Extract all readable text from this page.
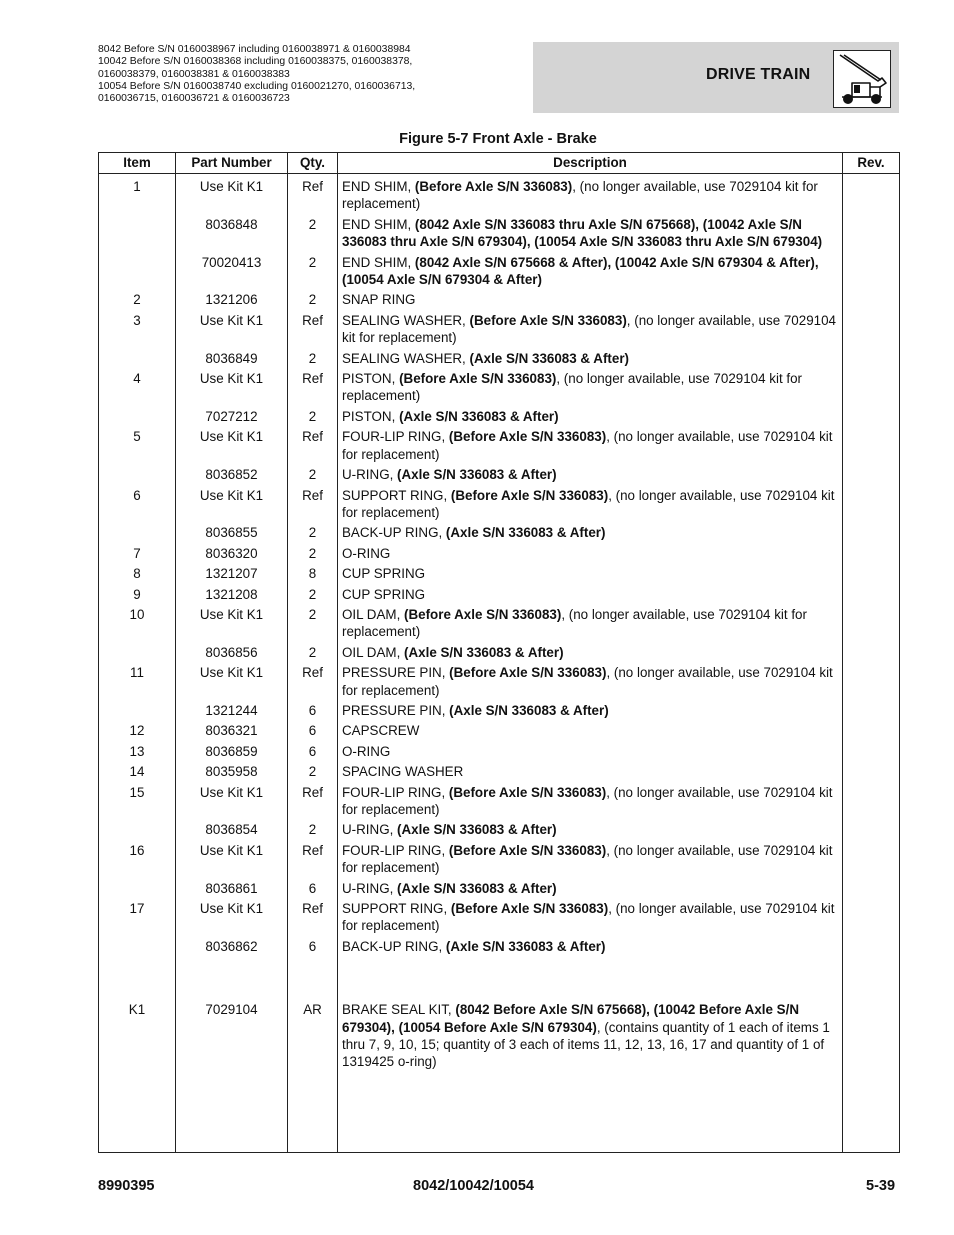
8042 Before S/N 0160038967 including 0160038971 & 0160038984
10042 Before S/N 0160038368 including 0160038375, 0160038378,
0160038379, 0160038381 & 0160038383
10054 Before S/N 0160038740 excluding 0160021270, 0160036713,
0160036715, 0160036721 & 0160036723
DRIVE TRAIN
Figure 5-7 Front Axle - Brake
Item	Part Number	Qty.	Description	Rev.
1	Use Kit K1	Ref	END SHIM, (Before Axle S/N 336083), (no longer available, use 7029104 kit for replacement)	
	8036848	2	END SHIM, (8042 Axle S/N 336083 thru Axle S/N 675668), (10042 Axle S/N 336083 thru Axle S/N 679304), (10054 Axle S/N 336083 thru Axle S/N 679304)	
	70020413	2	END SHIM, (8042 Axle S/N 675668 & After), (10042 Axle S/N 679304 & After), (10054 Axle S/N 679304 & After)	
2	1321206	2	SNAP RING	
3	Use Kit K1	Ref	SEALING WASHER, (Before Axle S/N 336083), (no longer available, use 7029104 kit for replacement)	
	8036849	2	SEALING WASHER, (Axle S/N 336083 & After)	
4	Use Kit K1	Ref	PISTON, (Before Axle S/N 336083), (no longer available, use 7029104 kit for replacement)	
	7027212	2	PISTON, (Axle S/N 336083 & After)	
5	Use Kit K1	Ref	FOUR-LIP RING, (Before Axle S/N 336083), (no longer available, use 7029104 kit for replacement)	
	8036852	2	U-RING, (Axle S/N 336083 & After)	
6	Use Kit K1	Ref	SUPPORT RING, (Before Axle S/N 336083), (no longer available, use 7029104 kit for replacement)	
	8036855	2	BACK-UP RING, (Axle S/N 336083 & After)	
7	8036320	2	O-RING	
8	1321207	8	CUP SPRING	
9	1321208	2	CUP SPRING	
10	Use Kit K1	2	OIL DAM, (Before Axle S/N 336083), (no longer available, use 7029104 kit for replacement)	
	8036856	2	OIL DAM, (Axle S/N 336083 & After)	
11	Use Kit K1	Ref	PRESSURE PIN, (Before Axle S/N 336083), (no longer available, use 7029104 kit for replacement)	
	1321244	6	PRESSURE PIN, (Axle S/N 336083 & After)	
12	8036321	6	CAPSCREW	
13	8036859	6	O-RING	
14	8035958	2	SPACING WASHER	
15	Use Kit K1	Ref	FOUR-LIP RING, (Before Axle S/N 336083), (no longer available, use 7029104 kit for replacement)	
	8036854	2	U-RING, (Axle S/N 336083 & After)	
16	Use Kit K1	Ref	FOUR-LIP RING, (Before Axle S/N 336083), (no longer available, use 7029104 kit for replacement)	
	8036861	6	U-RING, (Axle S/N 336083 & After)	
17	Use Kit K1	Ref	SUPPORT RING, (Before Axle S/N 336083), (no longer available, use 7029104 kit for replacement)	
	8036862	6	BACK-UP RING, (Axle S/N 336083 & After)	

K1	7029104	AR	BRAKE SEAL KIT, (8042 Before Axle S/N 675668), (10042 Before Axle S/N 679304), (10054 Before Axle S/N 679304), (contains quantity of 1 each of items 1 thru 7, 9, 10, 15; quantity of 3 each of items 11, 12, 13, 16, 17 and quantity of 1 of 1319425 o-ring)	

8990395	8042/10042/10054	5-39
